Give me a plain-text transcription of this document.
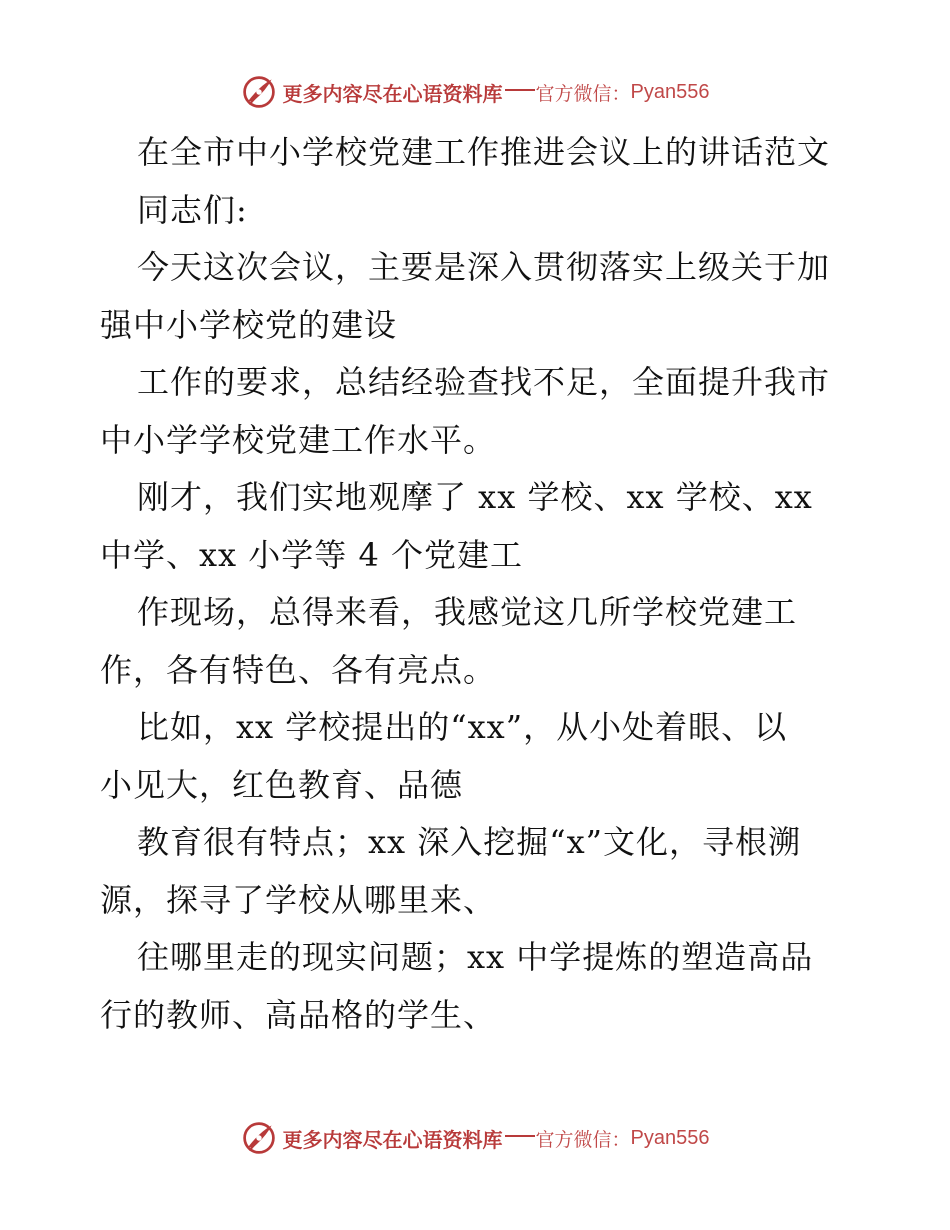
更多内容尽在心语资料库 官方微信： Pyan556
在全市中小学校党建工作推进会议上的讲话范文
同志们:
今天这次会议，主要是深入贯彻落实上级关于加
强中小学校党的建设
工作的要求，总结经验查找不足，全面提升我市
中小学学校党建工作水平。
刚才，我们实地观摩了 xx 学校、xx 学校、xx
中学、xx 小学等 4 个党建工
作现场，总得来看，我感觉这几所学校党建工
作，各有特色、各有亮点。
比如，xx 学校提出的“xx”，从小处着眼、以
小见大，红色教育、品德
教育很有特点；xx 深入挖掘“x”文化，寻根溯
源，探寻了学校从哪里来、
往哪里走的现实问题；xx 中学提炼的塑造高品
行的教师、高品格的学生、
更多内容尽在心语资料库 官方微信： Pyan556
